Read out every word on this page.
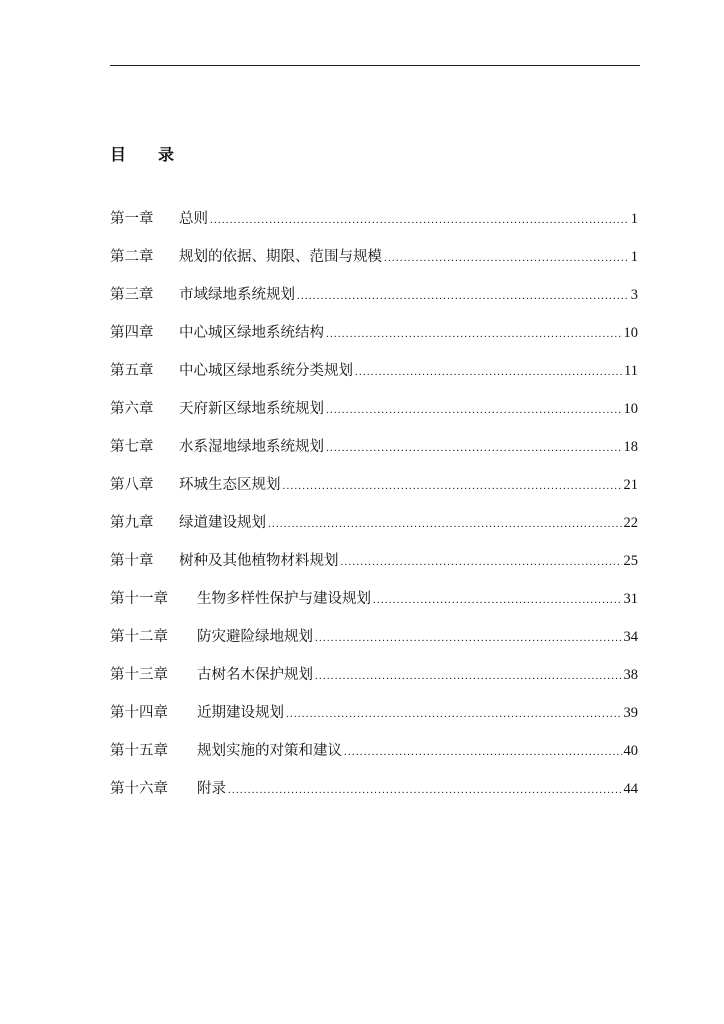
目 录
第一章	总则 .....	1
第二章	规划的依据、期限、范围与规模 .....	1
第三章	市域绿地系统规划 .....	3
第四章	中心城区绿地系统结构 .....	10
第五章	中心城区绿地系统分类规划 .....	11
第六章	天府新区绿地系统规划 .....	10
第七章	水系湿地绿地系统规划 .....	18
第八章	环城生态区规划 .....	21
第九章	绿道建设规划 .....	22
第十章	树种及其他植物材料规划 .....	25
第十一章	生物多样性保护与建设规划 .....	31
第十二章	防灾避险绿地规划 .....	34
第十三章	古树名木保护规划 .....	38
第十四章	近期建设规划 .....	39
第十五章	规划实施的对策和建议 .....	40
第十六章	附录 .....	44
